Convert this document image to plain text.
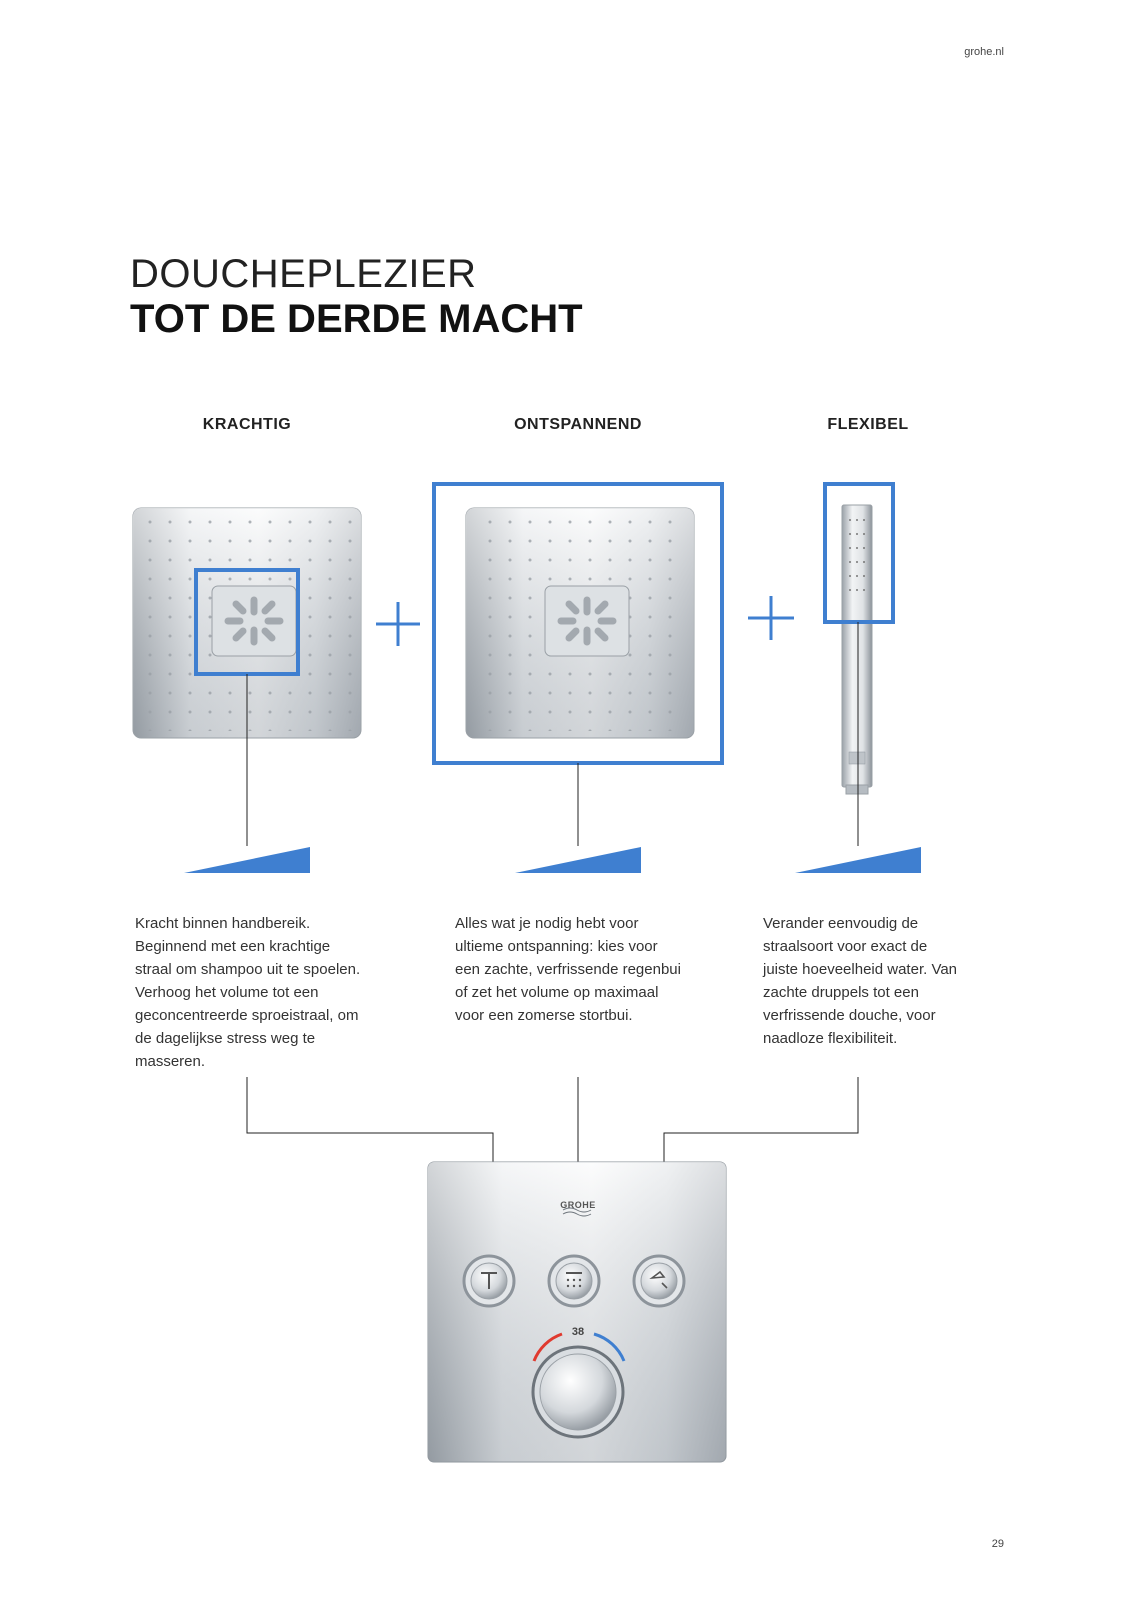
grohe.nl
DOUCHEPLEZIER
TOT DE DERDE MACHT
KRACHTIG	ONTSPANNEND	FLEXIBEL
GROHE
38
Kracht binnen handbereik. Beginnend met een krachtige straal om shampoo uit te spoelen. Verhoog het volume tot een geconcentreerde sproeistraal, om de dagelijkse stress weg te masseren.
Alles wat je nodig hebt voor ultieme ontspanning: kies voor een zachte, verfrissende regenbui of zet het volume op maximaal voor een zomerse stortbui.
Verander eenvoudig de straalsoort voor exact de juiste hoeveelheid water. Van zachte druppels tot een verfrissende douche, voor naadloze flexibiliteit.
29
